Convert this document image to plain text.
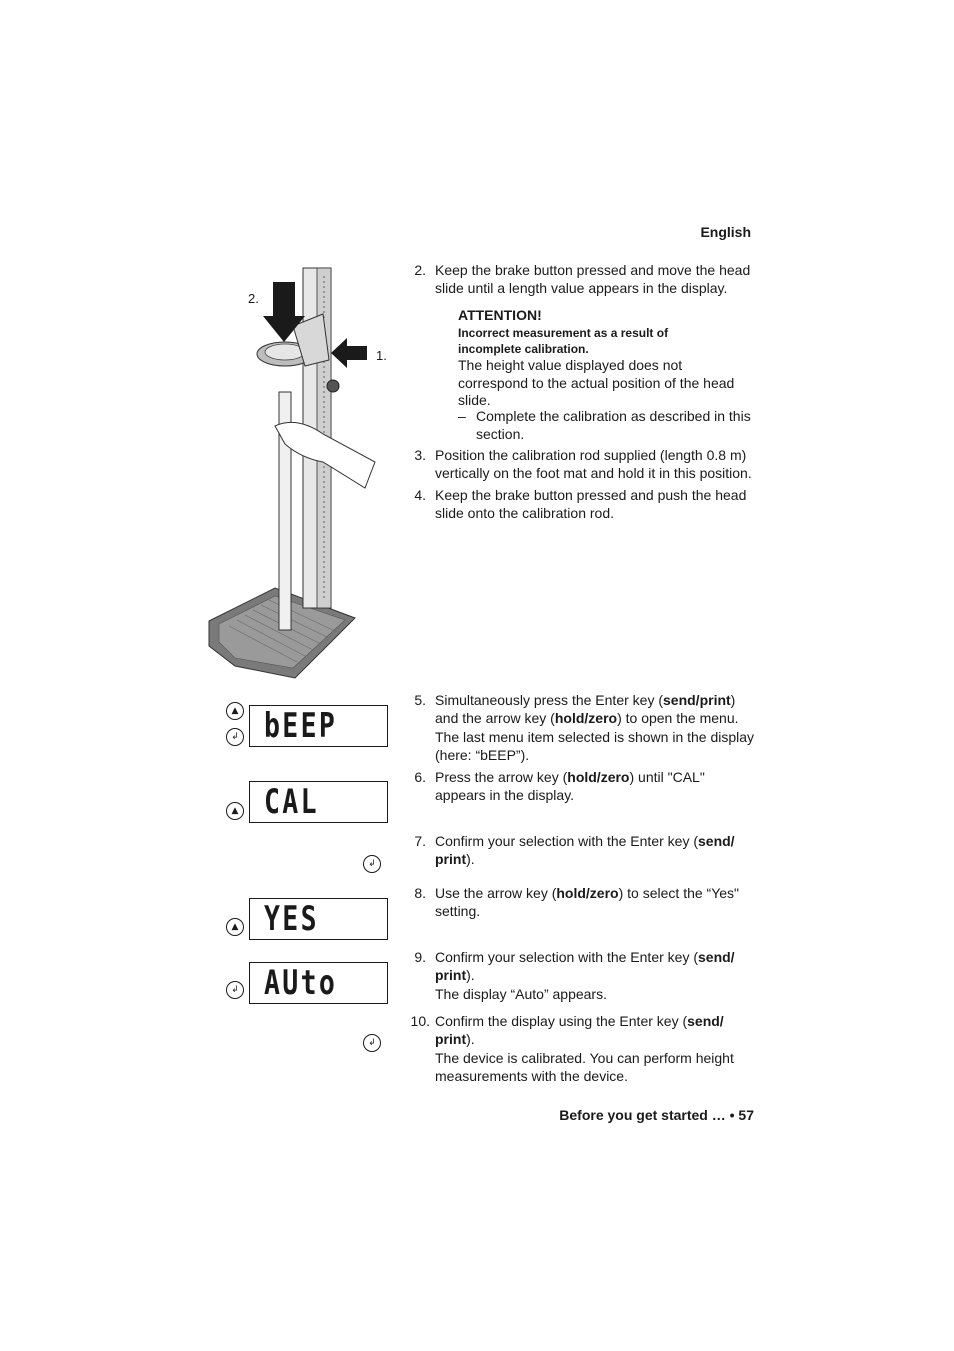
English
2.
1.
2. Keep the brake button pressed and move the head slide until a length value appears in the display.
ATTENTION!
Incorrect measurement as a result of incomplete calibration.
The height value displayed does not correspond to the actual position of the head slide.
– Complete the calibration as described in this section.
3. Position the calibration rod supplied (length 0.8 m) vertically on the foot mat and hold it in this position.
4. Keep the brake button pressed and push the head slide onto the calibration rod.
▲
↲ bEEP
▲ CAL
↲
▲ YES
↲ AUto
↲
5. Simultaneously press the Enter key (send/print) and the arrow key (hold/zero) to open the menu.
The last menu item selected is shown in the display (here: “bEEP”).
6. Press the arrow key (hold/zero) until "CAL" appears in the display.
7. Confirm your selection with the Enter key (send/ print).
8. Use the arrow key (hold/zero) to select the “Yes" setting.
9. Confirm your selection with the Enter key (send/ print).
The display “Auto” appears.
10. Confirm the display using the Enter key (send/ print).
The device is calibrated. You can perform height measurements with the device.
Before you get started … • 57
